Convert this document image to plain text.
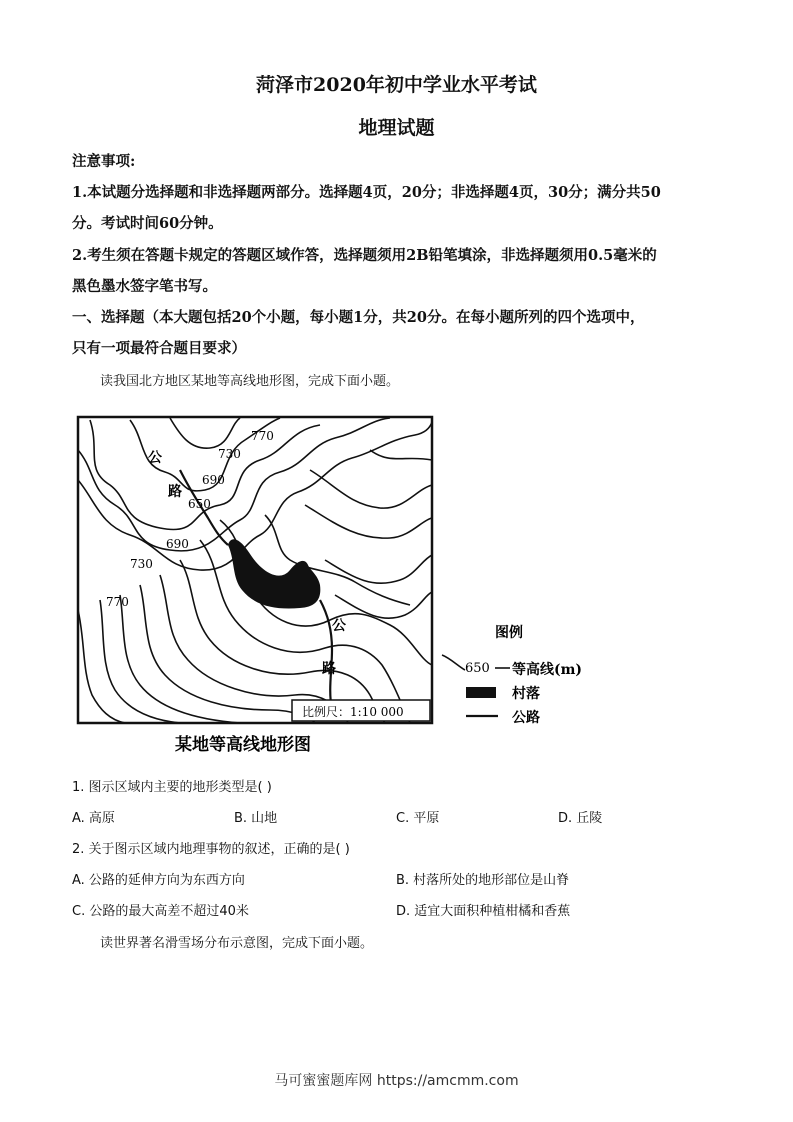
菏泽市2020年初中学业水平考试
地理试题
注意事项:
1.本试题分选择题和非选择题两部分。选择题4页，20分；非选择题4页，30分；满分共50
分。考试时间60分钟。
2.考生须在答题卡规定的答题区域作答，选择题须用2B铅笔填涂，非选择题须用0.5毫米的
黑色墨水签字笔书写。
一、选择题（本大题包括20个小题，每小题1分，共20分。在每小题所列的四个选项中，
只有一项最符合题目要求）
读我国北方地区某地等高线地形图，完成下面小题。
770
730
690
650
690
730
770
公
路
公
路
比例尺：1:10 000
某地等高线地形图
图例
650 等高线(m)
村落
公路
1. 图示区域内主要的地形类型是( )
A. 高原	B. 山地	C. 平原	D. 丘陵
2. 关于图示区域内地理事物的叙述，正确的是( )
A. 公路的延伸方向为东西方向	B. 村落所处的地形部位是山脊
C. 公路的最大高差不超过40米	D. 适宜大面积种植柑橘和香蕉
读世界著名滑雪场分布示意图，完成下面小题。
马可蜜蜜题库网 https://amcmm.com
